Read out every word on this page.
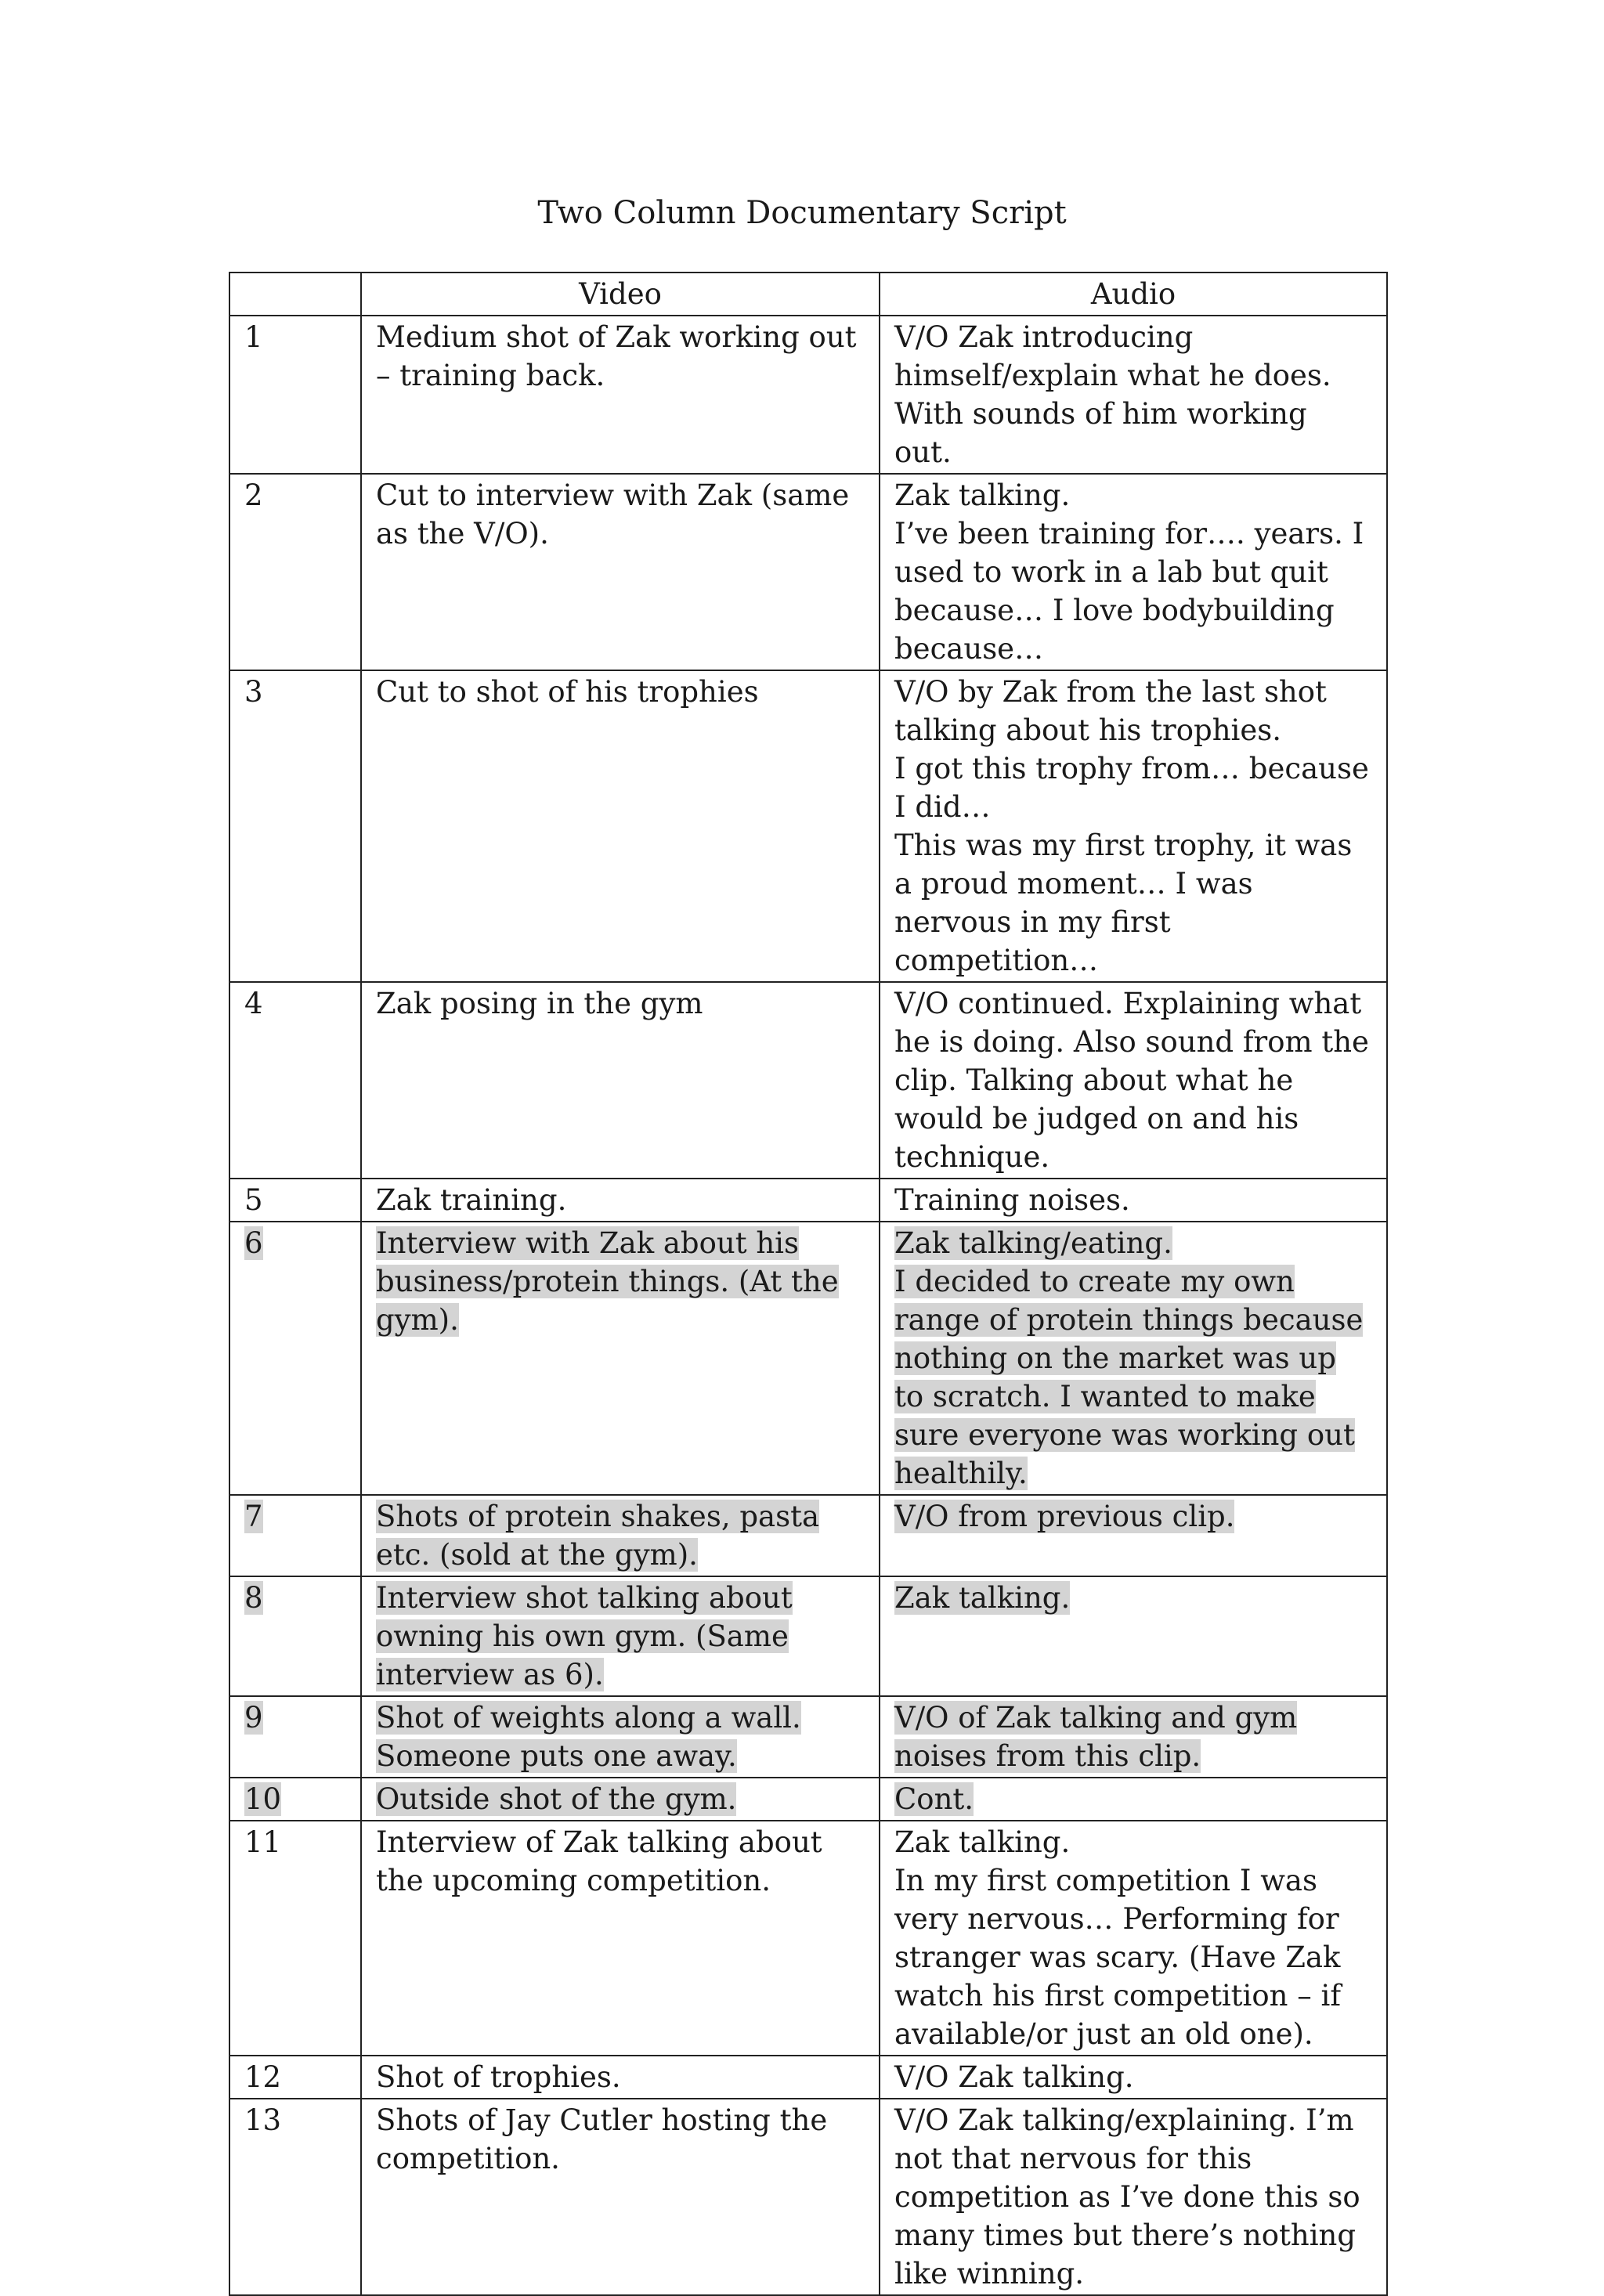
Two Column Documentary Script
	Video	Audio
1	Medium shot of Zak working out – training back.	V/O Zak introducing himself/explain what he does. With sounds of him working out.

2	Cut to interview with Zak (same as the V/O).	Zak talking.
I’ve been training for…. years. I used to work in a lab but quit because… I love bodybuilding because…

3	Cut to shot of his trophies	V/O by Zak from the last shot talking about his trophies.
I got this trophy from… because I did…
This was my first trophy, it was a proud moment… I was nervous in my first competition…

4	Zak posing in the gym	V/O continued. Explaining what he is doing. Also sound from the clip. Talking about what he would be judged on and his technique.

5	Zak training.	Training noises.

6	Interview with Zak about his business/protein things. (At the gym).	Zak talking/eating.
I decided to create my own range of protein things because nothing on the market was up to scratch. I wanted to make sure everyone was working out healthily.

7	Shots of protein shakes, pasta etc. (sold at the gym).	V/O from previous clip.

8	Interview shot talking about owning his own gym. (Same interview as 6).	Zak talking.

9	Shot of weights along a wall. Someone puts one away.	V/O of Zak talking and gym noises from this clip.

10	Outside shot of the gym.	Cont.

11	Interview of Zak talking about the upcoming competition.	Zak talking.
In my first competition I was very nervous… Performing for stranger was scary. (Have Zak watch his first competition – if available/or just an old one).

12	Shot of trophies.	V/O Zak talking.

13	Shots of Jay Cutler hosting the competition.	V/O Zak talking/explaining. I’m not that nervous for this competition as I’ve done this so many times but there’s nothing like winning.
